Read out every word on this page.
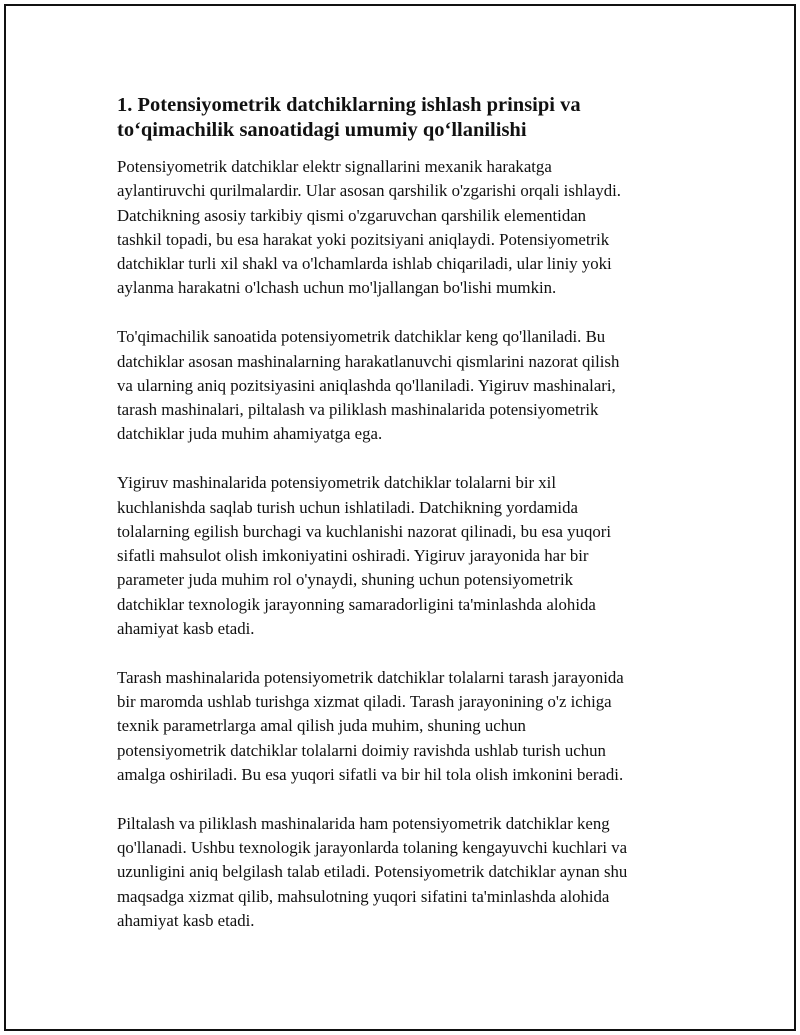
1. Potensiyometrik datchiklarning ishlash prinsipi va
to‘qimachilik sanoatidagi umumiy qo‘llanilishi

Potensiyometrik datchiklar elektr signallarini mexanik harakatga
aylantiruvchi qurilmalardir. Ular asosan qarshilik o'zgarishi orqali ishlaydi.
Datchikning asosiy tarkibiy qismi o'zgaruvchan qarshilik elementidan
tashkil topadi, bu esa harakat yoki pozitsiyani aniqlaydi. Potensiyometrik
datchiklar turli xil shakl va o'lchamlarda ishlab chiqariladi, ular liniy yoki
aylanma harakatni o'lchash uchun mo'ljallangan bo'lishi mumkin.

To'qimachilik sanoatida potensiyometrik datchiklar keng qo'llaniladi. Bu
datchiklar asosan mashinalarning harakatlanuvchi qismlarini nazorat qilish
va ularning aniq pozitsiyasini aniqlashda qo'llaniladi. Yigiruv mashinalari,
tarash mashinalari, piltalash va piliklash mashinalarida potensiyometrik
datchiklar juda muhim ahamiyatga ega.

Yigiruv mashinalarida potensiyometrik datchiklar tolalarni bir xil
kuchlanishda saqlab turish uchun ishlatiladi. Datchikning yordamida
tolalarning egilish burchagi va kuchlanishi nazorat qilinadi, bu esa yuqori
sifatli mahsulot olish imkoniyatini oshiradi. Yigiruv jarayonida har bir
parameter juda muhim rol o'ynaydi, shuning uchun potensiyometrik
datchiklar texnologik jarayonning samaradorligini ta'minlashda alohida
ahamiyat kasb etadi.

Tarash mashinalarida potensiyometrik datchiklar tolalarni tarash jarayonida
bir maromda ushlab turishga xizmat qiladi. Tarash jarayonining o'z ichiga
texnik parametrlarga amal qilish juda muhim, shuning uchun
potensiyometrik datchiklar tolalarni doimiy ravishda ushlab turish uchun
amalga oshiriladi. Bu esa yuqori sifatli va bir hil tola olish imkonini beradi.

Piltalash va piliklash mashinalarida ham potensiyometrik datchiklar keng
qo'llanadi. Ushbu texnologik jarayonlarda tolaning kengayuvchi kuchlari va
uzunligini aniq belgilash talab etiladi. Potensiyometrik datchiklar aynan shu
maqsadga xizmat qilib, mahsulotning yuqori sifatini ta'minlashda alohida
ahamiyat kasb etadi.
